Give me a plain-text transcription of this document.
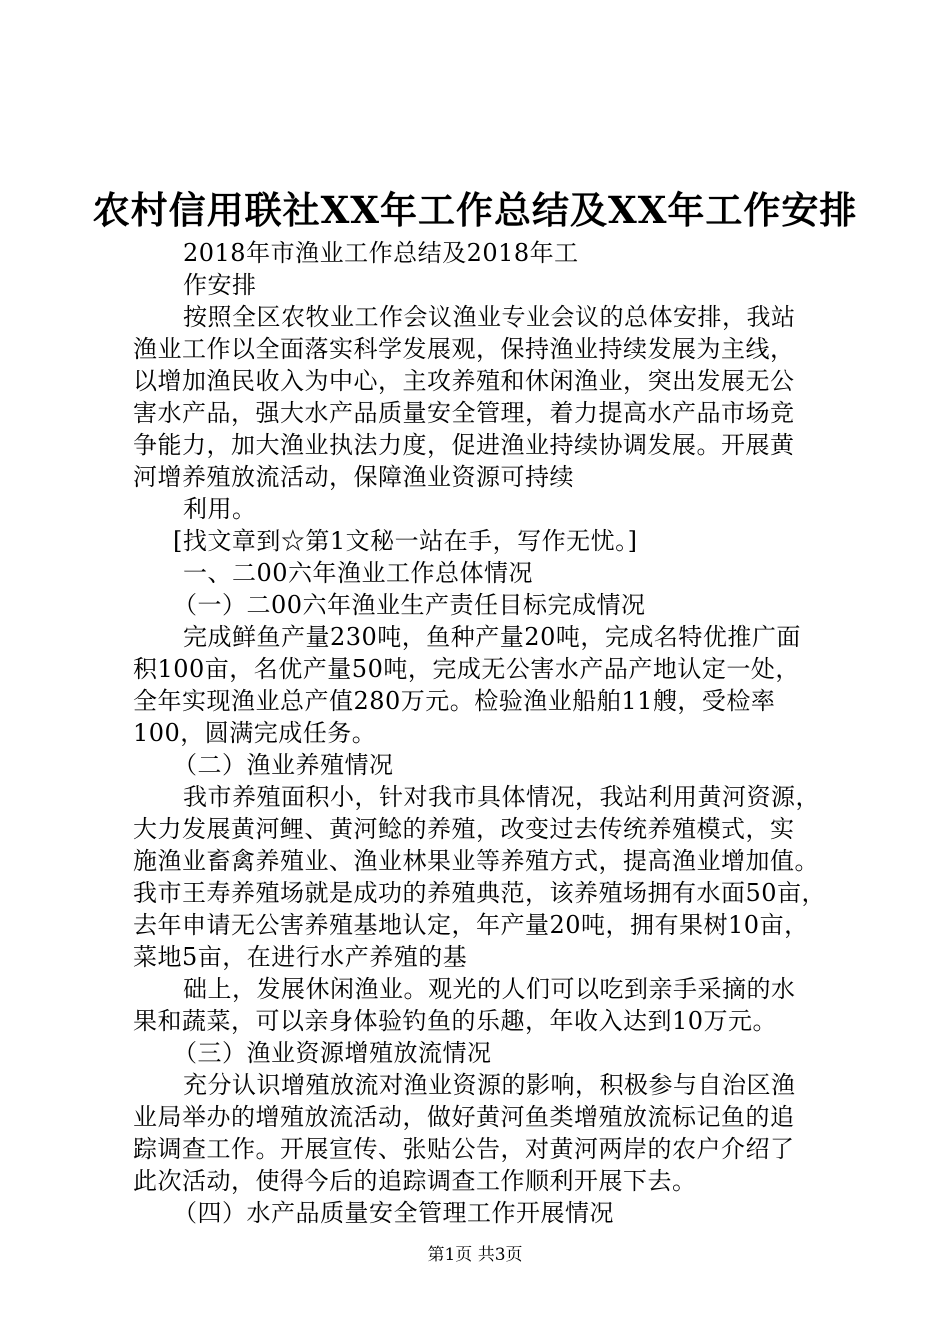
农村信用联社XX年工作总结及XX年工作安排

2018年市渔业工作总结及2018年工

作安排

按照全区农牧业工作会议渔业专业会议的总体安排，我站

渔业工作以全面落实科学发展观，保持渔业持续发展为主线，

以增加渔民收入为中心，主攻养殖和休闲渔业，突出发展无公

害水产品，强大水产品质量安全管理，着力提高水产品市场竞

争能力，加大渔业执法力度，促进渔业持续协调发展。开展黄

河增养殖放流活动，保障渔业资源可持续

利用。

[找文章到☆第1文秘一站在手，写作无忧。]

一、二00六年渔业工作总体情况

（一）二00六年渔业生产责任目标完成情况

完成鲜鱼产量230吨，鱼种产量20吨，完成名特优推广面

积100亩，名优产量50吨，完成无公害水产品产地认定一处，

全年实现渔业总产值280万元。检验渔业船舶11艘，受检率

100，圆满完成任务。

（二）渔业养殖情况

我市养殖面积小，针对我市具体情况，我站利用黄河资源，

大力发展黄河鲤、黄河鲶的养殖，改变过去传统养殖模式，实

施渔业畜禽养殖业、渔业林果业等养殖方式，提高渔业增加值。

我市王寿养殖场就是成功的养殖典范，该养殖场拥有水面50亩，

去年申请无公害养殖基地认定，年产量20吨，拥有果树10亩，

菜地5亩，在进行水产养殖的基

础上，发展休闲渔业。观光的人们可以吃到亲手采摘的水

果和蔬菜，可以亲身体验钓鱼的乐趣，年收入达到10万元。

（三）渔业资源增殖放流情况

充分认识增殖放流对渔业资源的影响，积极参与自治区渔

业局举办的增殖放流活动，做好黄河鱼类增殖放流标记鱼的追

踪调查工作。开展宣传、张贴公告，对黄河两岸的农户介绍了

此次活动，使得今后的追踪调查工作顺利开展下去。

（四）水产品质量安全管理工作开展情况

第1页 共3页
